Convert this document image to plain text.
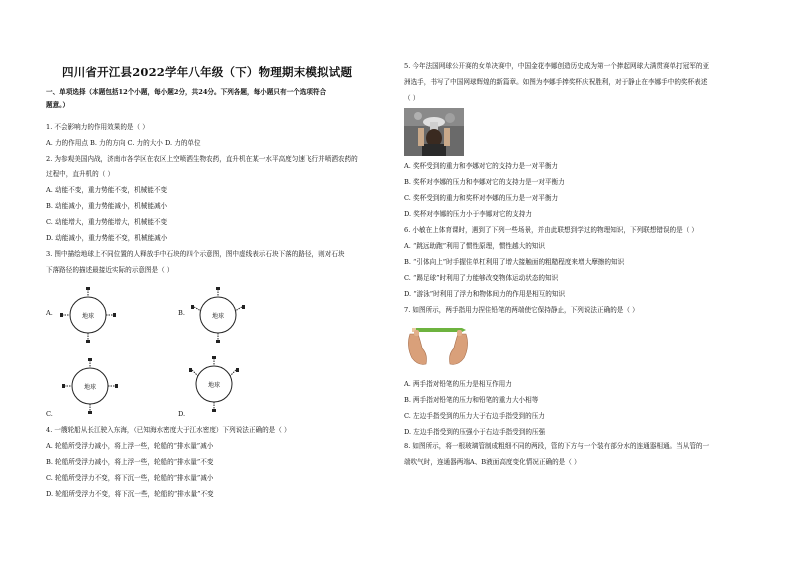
四川省开江县2022学年八年级（下）物理期末模拟试题
一、单项选择（本题包括12个小题，每小题2分，共24分。下列各题，每小题只有一个选项符合
题意。）
1. 不会影响力的作用效果的是（ ）
A. 力的作用点 B. 力的方向 C. 力的大小 D. 力的单位
2. 为参观美国内战，济南市各学区在农区上空喷洒生物农药，直升机在某一水平高度匀速飞行并喷洒农药的
过程中，直升机的（ ）
A. 动能不变，重力势能不变，机械能不变
B. 动能减小，重力势能减小，机械能减小
C. 动能增大，重力势能增大，机械能不变
D. 动能减小，重力势能不变，机械能减小
3. 图中描绘地球上不同位置的人释放手中石块的四个示意图，图中虚线表示石块下落的路径，则对石块
下落路径的描述最接近实际的示意图是（ ）
A.	地球	B.	地球
C.
地球
D.
地球
4. 一艘轮船从长江驶入东海，（已知海水密度大于江水密度）下列说法正确的是（ ）
A. 轮船所受浮力减小，将上浮一些，轮船的“排水量”减小
B. 轮船所受浮力减小，将上浮一些，轮船的“排水量”不变
C. 轮船所受浮力不变，将下沉一些，轮船的“排水量”减小
D. 轮船所受浮力不变，将下沉一些，轮船的“排水量”不变
5. 今年法国网球公开赛的女单决赛中，中国金花李娜创造历史成为第一个捧起网球大满贯赛单打冠军的亚
洲选手，书写了中国网球辉煌的新篇章。如图为李娜手捧奖杯庆祝胜利，对于静止在李娜手中的奖杯表述
（ ）
A. 奖杯受到的重力和李娜对它的支持力是一对平衡力
B. 奖杯对李娜的压力和李娜对它的支持力是一对平衡力
C. 奖杯受到的重力和奖杯对李娜的压力是一对平衡力
D. 奖杯对李娜的压力小于李娜对它的支持力
6. 小敏在上体育课时，遇到了下列一些场景，并由此联想到学过的物理知识，下列联想错误的是（ ）
A. “跳远助跑”利用了惯性原理，惯性越大的知识
B. “引体向上”时手握住单杠利用了增大接触面的粗糙程度来增大摩擦的知识
C. “踢足球”时利用了力能够改变物体运动状态的知识
D. “游泳”时利用了浮力和物体间力的作用是相互的知识
7. 如图所示，两手指用力捏住铅笔的两端使它保持静止，下列说法正确的是（ ）
A. 两手指对铅笔的压力是相互作用力
B. 两手指对铅笔的压力和铅笔的重力大小相等
C. 左边手指受到的压力大于右边手指受到的压力
D. 左边手指受到的压强小于右边手指受到的压强
8. 如图所示，将一根玻璃管制成粗细不同的两段，管的下方与一个装有部分水的连通器相通。当从管的一
端吹气时，连通器两端A、B液面高度变化情况正确的是（ ）
